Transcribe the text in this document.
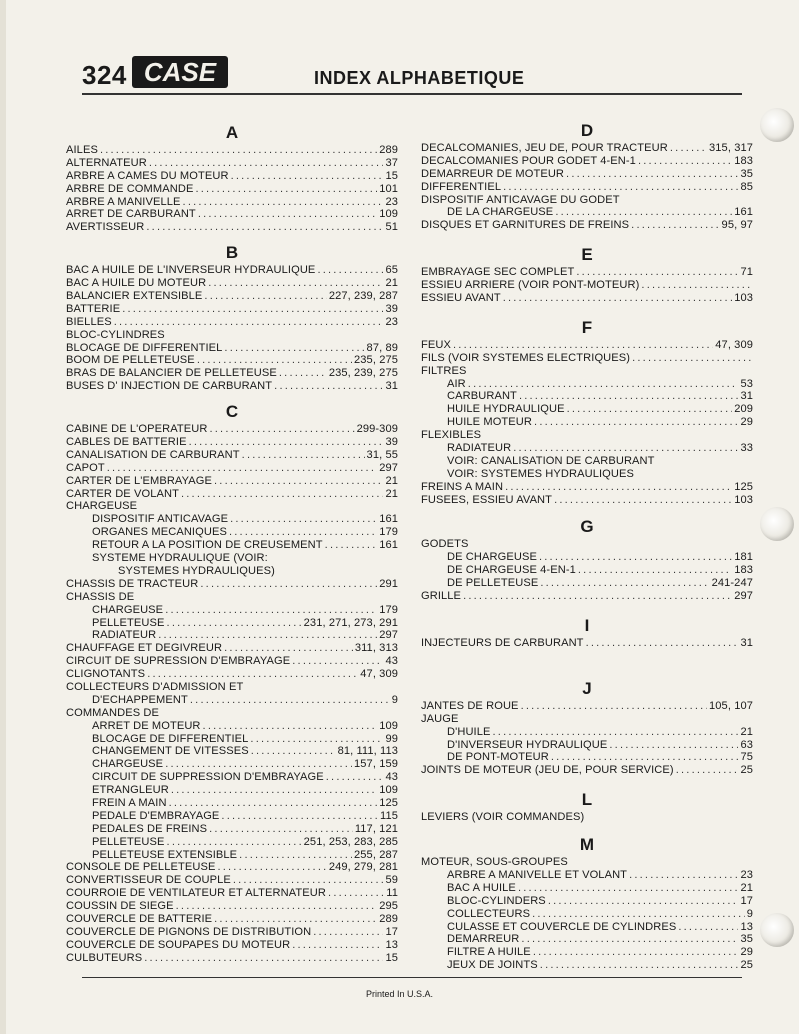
324 CASE	INDEX ALPHABETIQUE
A
AILES .....	289
ALTERNATEUR .....	37
ARBRE A CAMES DU MOTEUR .....	15
ARBRE DE COMMANDE .....	101
ARBRE A MANIVELLE .....	23
ARRET DE CARBURANT .....	109
AVERTISSEUR .....	51
B
BAC A HUILE DE L'INVERSEUR HYDRAULIQUE .....	65
BAC A HUILE DU MOTEUR .....	21
BALANCIER EXTENSIBLE .....	227, 239, 287
BATTERIE .....	39
BIELLES .....	23
BLOC-CYLINDRES
BLOCAGE DE DIFFERENTIEL .....	87, 89
BOOM DE PELLETEUSE .....	235, 275
BRAS DE BALANCIER DE PELLETEUSE .....	235, 239, 275
BUSES D' INJECTION DE CARBURANT .....	31
C
CABINE DE L'OPERATEUR .....	299-309
CABLES DE BATTERIE .....	39
CANALISATION DE CARBURANT .....	31, 55
CAPOT .....	297
CARTER DE L'EMBRAYAGE .....	21
CARTER DE VOLANT .....	21
CHARGEUSE
DISPOSITIF ANTICAVAGE .....	161
ORGANES MECANIQUES .....	179
RETOUR A LA POSITION DE CREUSEMENT .....	161
SYSTEME HYDRAULIQUE (VOIR:
SYSTEMES HYDRAULIQUES)
CHASSIS DE TRACTEUR .....	291
CHASSIS DE
CHARGEUSE .....	179
PELLETEUSE .....	231, 271, 273, 291
RADIATEUR .....	297
CHAUFFAGE ET DEGIVREUR .....	311, 313
CIRCUIT DE SUPRESSION D'EMBRAYAGE .....	43
CLIGNOTANTS .....	47, 309
COLLECTEURS D'ADMISSION ET
D'ECHAPPEMENT .....	9
COMMANDES DE
ARRET DE MOTEUR .....	109
BLOCAGE DE DIFFERENTIEL .....	99
CHANGEMENT DE VITESSES .....	81, 111, 113
CHARGEUSE .....	157, 159
CIRCUIT DE SUPPRESSION D'EMBRAYAGE .....	43
ETRANGLEUR .....	109
FREIN A MAIN .....	125
PEDALE D'EMBRAYAGE .....	115
PEDALES DE FREINS .....	117, 121
PELLETEUSE .....	251, 253, 283, 285
PELLETEUSE EXTENSIBLE .....	255, 287
CONSOLE DE PELLETEUSE .....	249, 279, 281
CONVERTISSEUR DE COUPLE .....	59
COURROIE DE VENTILATEUR ET ALTERNATEUR .....	11
COUSSIN DE SIEGE .....	295
COUVERCLE DE BATTERIE .....	289
COUVERCLE DE PIGNONS DE DISTRIBUTION .....	17
COUVERCLE DE SOUPAPES DU MOTEUR .....	13
CULBUTEURS .....	15
D
DECALCOMANIES, JEU DE, POUR TRACTEUR .....	315, 317
DECALCOMANIES POUR GODET 4-EN-1 .....	183
DEMARREUR DE MOTEUR .....	35
DIFFERENTIEL .....	85
DISPOSITIF ANTICAVAGE DU GODET
DE LA CHARGEUSE .....	161
DISQUES ET GARNITURES DE FREINS .....	95, 97
E
EMBRAYAGE SEC COMPLET .....	71
ESSIEU ARRIERE (VOIR PONT-MOTEUR)
.....
ESSIEU AVANT .....	103
F
FEUX .....	47, 309
FILS (VOIR SYSTEMES ELECTRIQUES)
.....
FILTRES
AIR .....	53
CARBURANT .....	31
HUILE HYDRAULIQUE .....	209
HUILE MOTEUR .....	29
FLEXIBLES
RADIATEUR .....	33
VOIR: CANALISATION DE CARBURANT
VOIR: SYSTEMES HYDRAULIQUES
FREINS A MAIN .....	125
FUSEES, ESSIEU AVANT .....	103
G
GODETS
DE CHARGEUSE .....	181
DE CHARGEUSE 4-EN-1 .....	183
DE PELLETEUSE .....	241-247
GRILLE .....	297
I
INJECTEURS DE CARBURANT .....	31
J
JANTES DE ROUE .....	105, 107
JAUGE
D'HUILE .....	21
D'INVERSEUR HYDRAULIQUE .....	63
DE PONT-MOTEUR .....	75
JOINTS DE MOTEUR (JEU DE, POUR SERVICE) .....	25
L
LEVIERS (VOIR COMMANDES)
M
MOTEUR, SOUS-GROUPES
ARBRE A MANIVELLE ET VOLANT .....	23
BAC A HUILE .....	21
BLOC-CYLINDERS .....	17
COLLECTEURS .....	9
CULASSE ET COUVERCLE DE CYLINDRES .....	13
DEMARREUR .....	35
FILTRE A HUILE .....	29
JEUX DE JOINTS .....	25
Printed In U.S.A.
